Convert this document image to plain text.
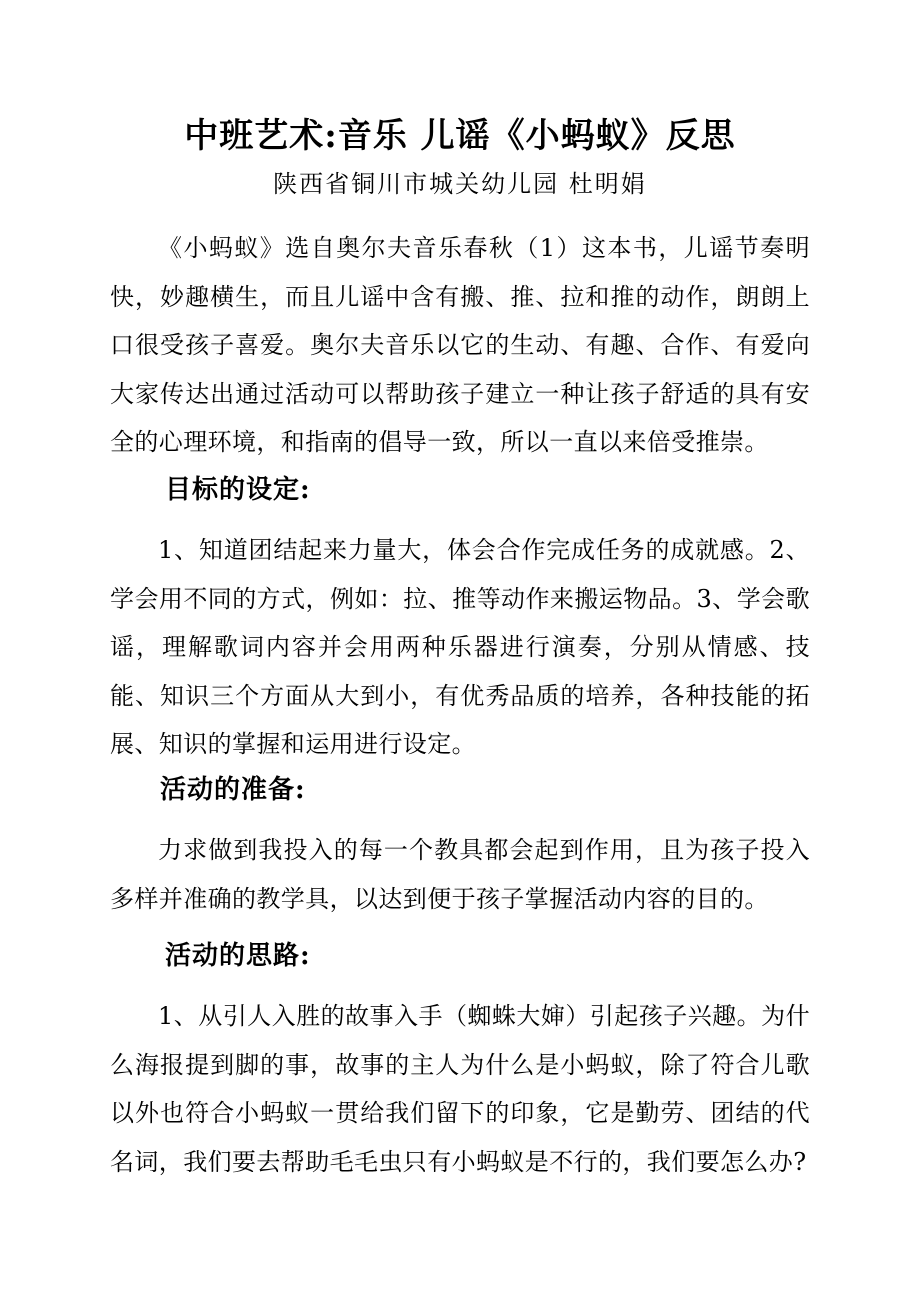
中班艺术:音乐 儿谣《小蚂蚁》反思
陕西省铜川市城关幼儿园 杜明娟

《小蚂蚁》选自奥尔夫音乐春秋（1）这本书，儿谣节奏明快，妙趣横生，而且儿谣中含有搬、推、拉和推的动作，朗朗上口很受孩子喜爱。奥尔夫音乐以它的生动、有趣、合作、有爱向大家传达出通过活动可以帮助孩子建立一种让孩子舒适的具有安全的心理环境，和指南的倡导一致，所以一直以来倍受推崇。

目标的设定:

1、知道团结起来力量大，体会合作完成任务的成就感。2、学会用不同的方式，例如：拉、推等动作来搬运物品。3、学会歌谣，理解歌词内容并会用两种乐器进行演奏，分别从情感、技能、知识三个方面从大到小，有优秀品质的培养，各种技能的拓展、知识的掌握和运用进行设定。

活动的准备:

力求做到我投入的每一个教具都会起到作用，且为孩子投入多样并准确的教学具，以达到便于孩子掌握活动内容的目的。

活动的思路:

1、从引人入胜的故事入手（蜘蛛大婶）引起孩子兴趣。为什么海报提到脚的事，故事的主人为什么是小蚂蚁，除了符合儿歌以外也符合小蚂蚁一贯给我们留下的印象，它是勤劳、团结的代名词，我们要去帮助毛毛虫只有小蚂蚁是不行的，我们要怎么办?
